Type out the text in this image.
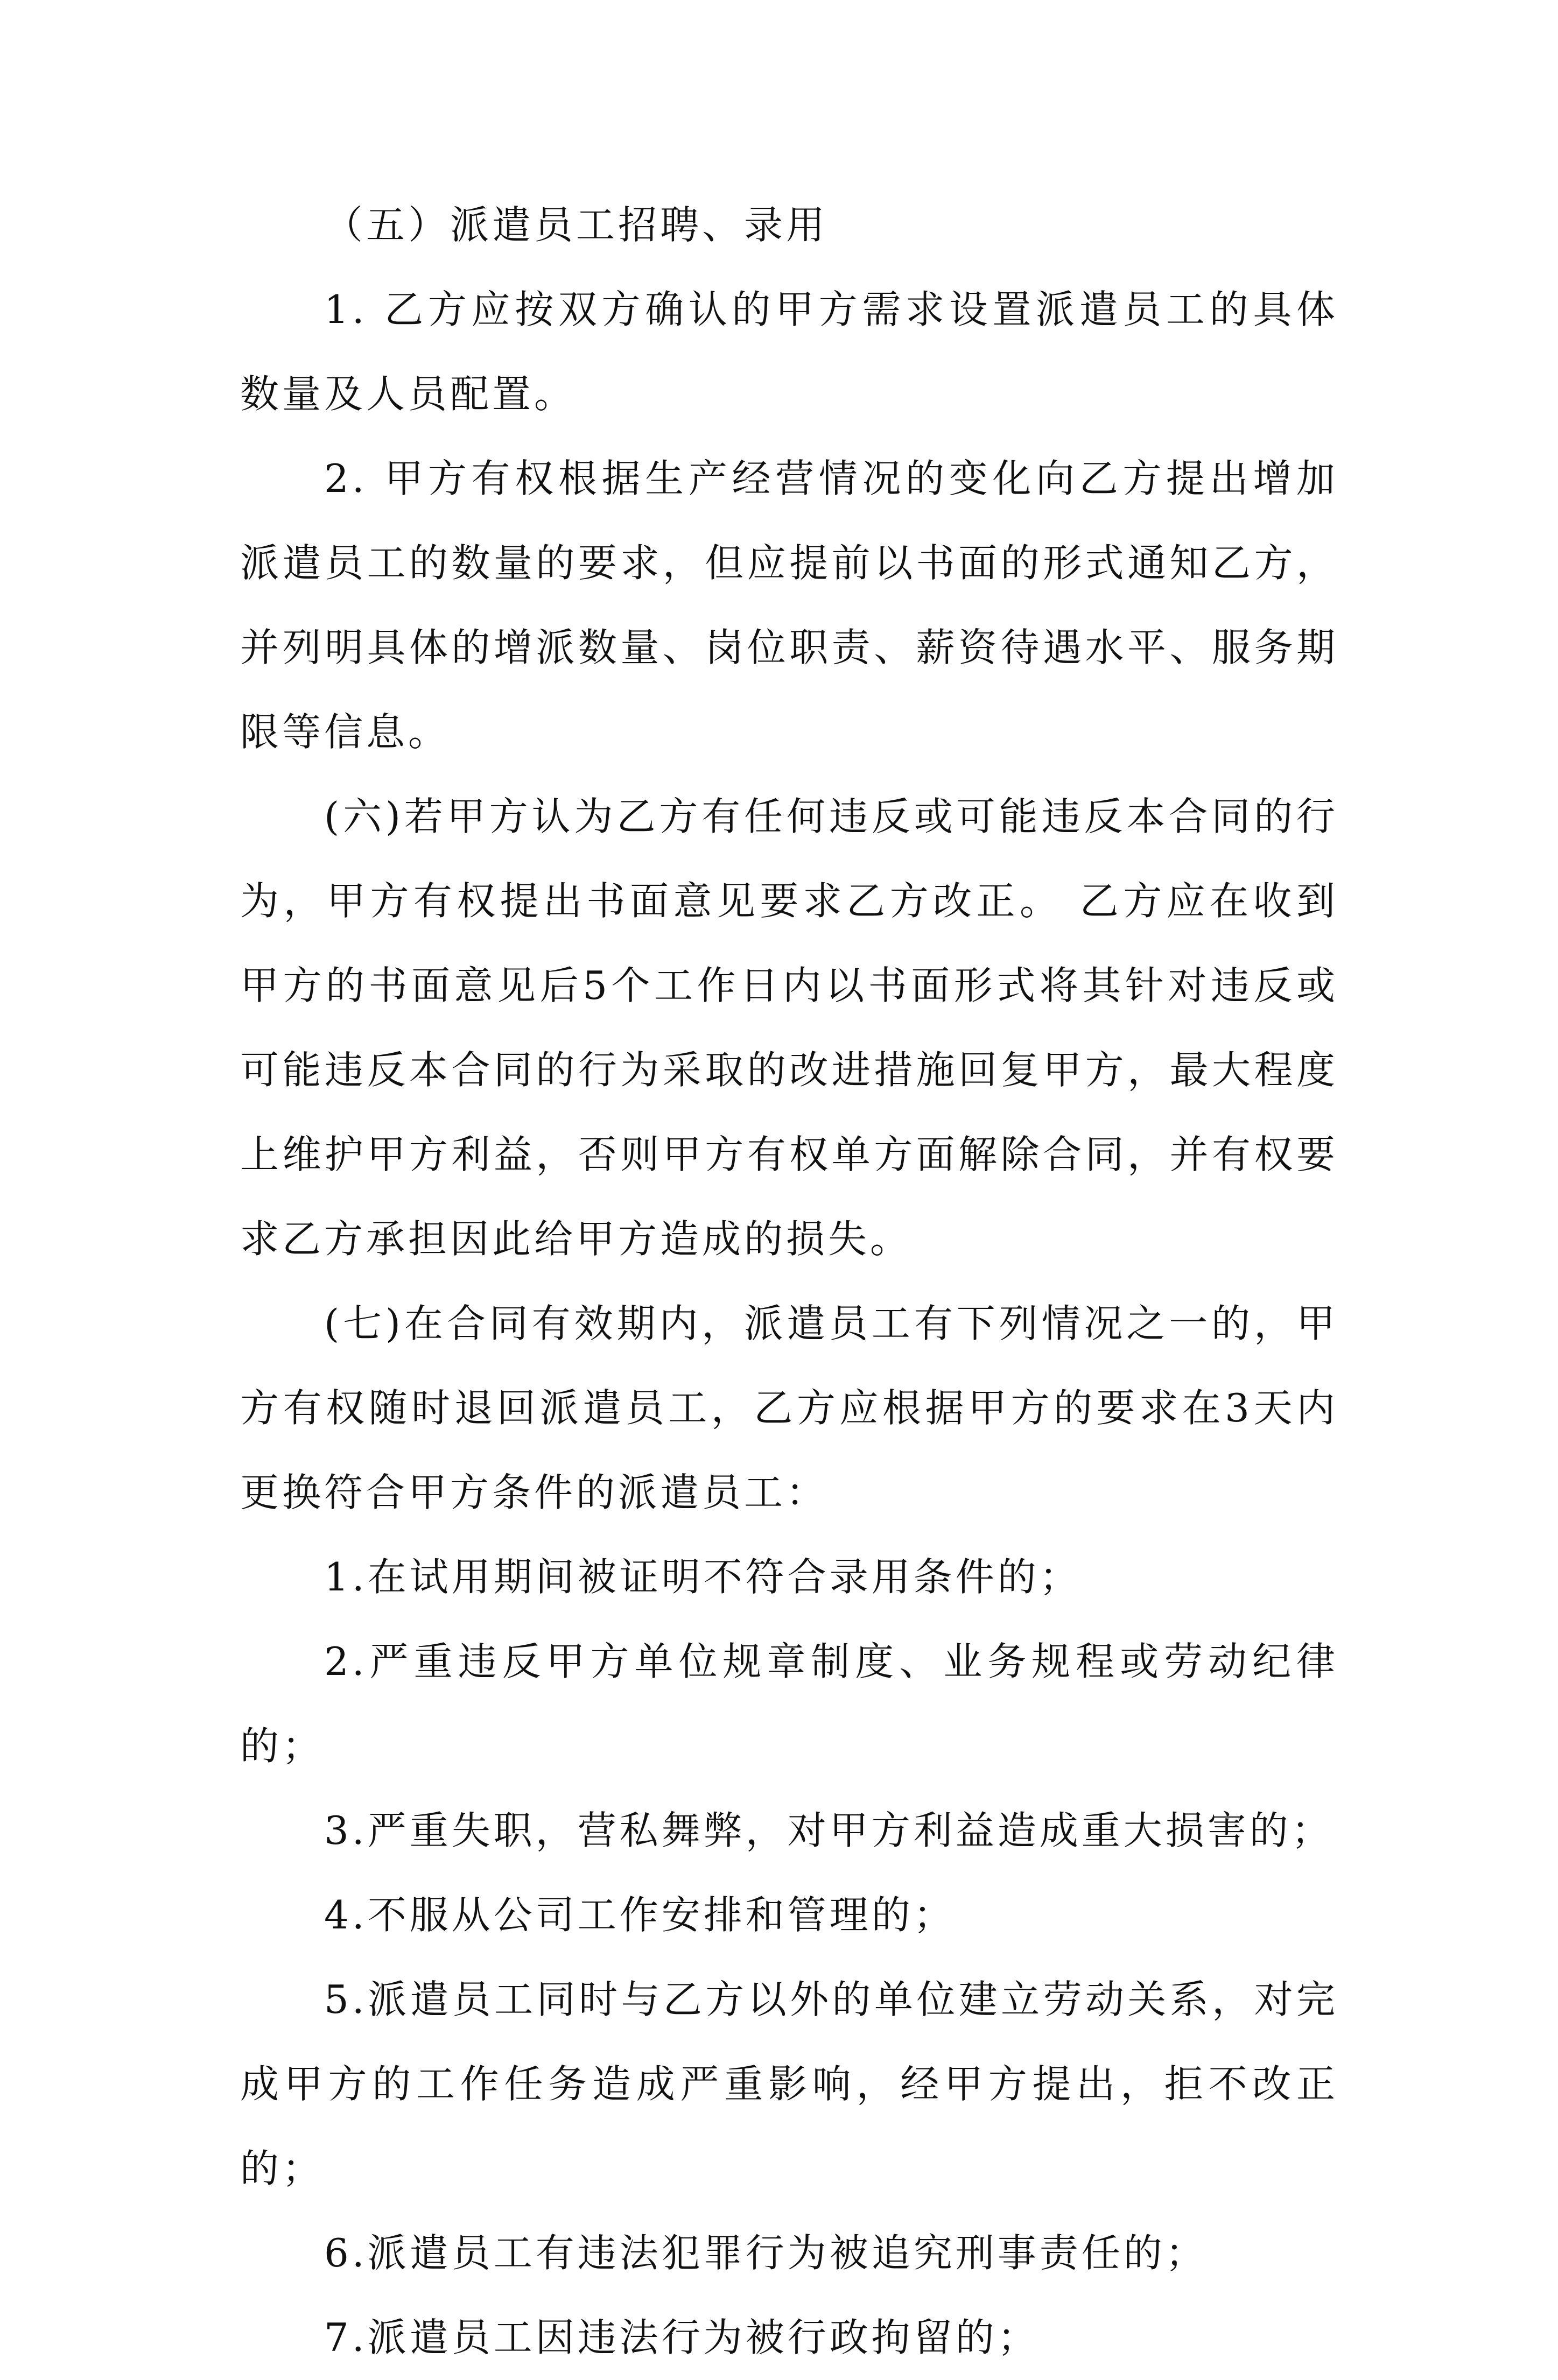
（五）派遣员工招聘、录用

1. 乙方应按双方确认的甲方需求设置派遣员工的具体数量及人员配置。

2. 甲方有权根据生产经营情况的变化向乙方提出增加派遣员工的数量的要求，但应提前以书面的形式通知乙方，并列明具体的增派数量、岗位职责、薪资待遇水平、服务期限等信息。

(六)若甲方认为乙方有任何违反或可能违反本合同的行为，甲方有权提出书面意见要求乙方改正。 乙方应在收到甲方的书面意见后5个工作日内以书面形式将其针对违反或可能违反本合同的行为采取的改进措施回复甲方，最大程度上维护甲方利益，否则甲方有权单方面解除合同，并有权要求乙方承担因此给甲方造成的损失。

(七)在合同有效期内，派遣员工有下列情况之一的，甲方有权随时退回派遣员工，乙方应根据甲方的要求在3天内更换符合甲方条件的派遣员工：

1.在试用期间被证明不符合录用条件的；

2.严重违反甲方单位规章制度、业务规程或劳动纪律的；

3.严重失职，营私舞弊，对甲方利益造成重大损害的；

4.不服从公司工作安排和管理的；

5.派遣员工同时与乙方以外的单位建立劳动关系，对完成甲方的工作任务造成严重影响，经甲方提出，拒不改正的；

6.派遣员工有违法犯罪行为被追究刑事责任的；

7.派遣员工因违法行为被行政拘留的；
